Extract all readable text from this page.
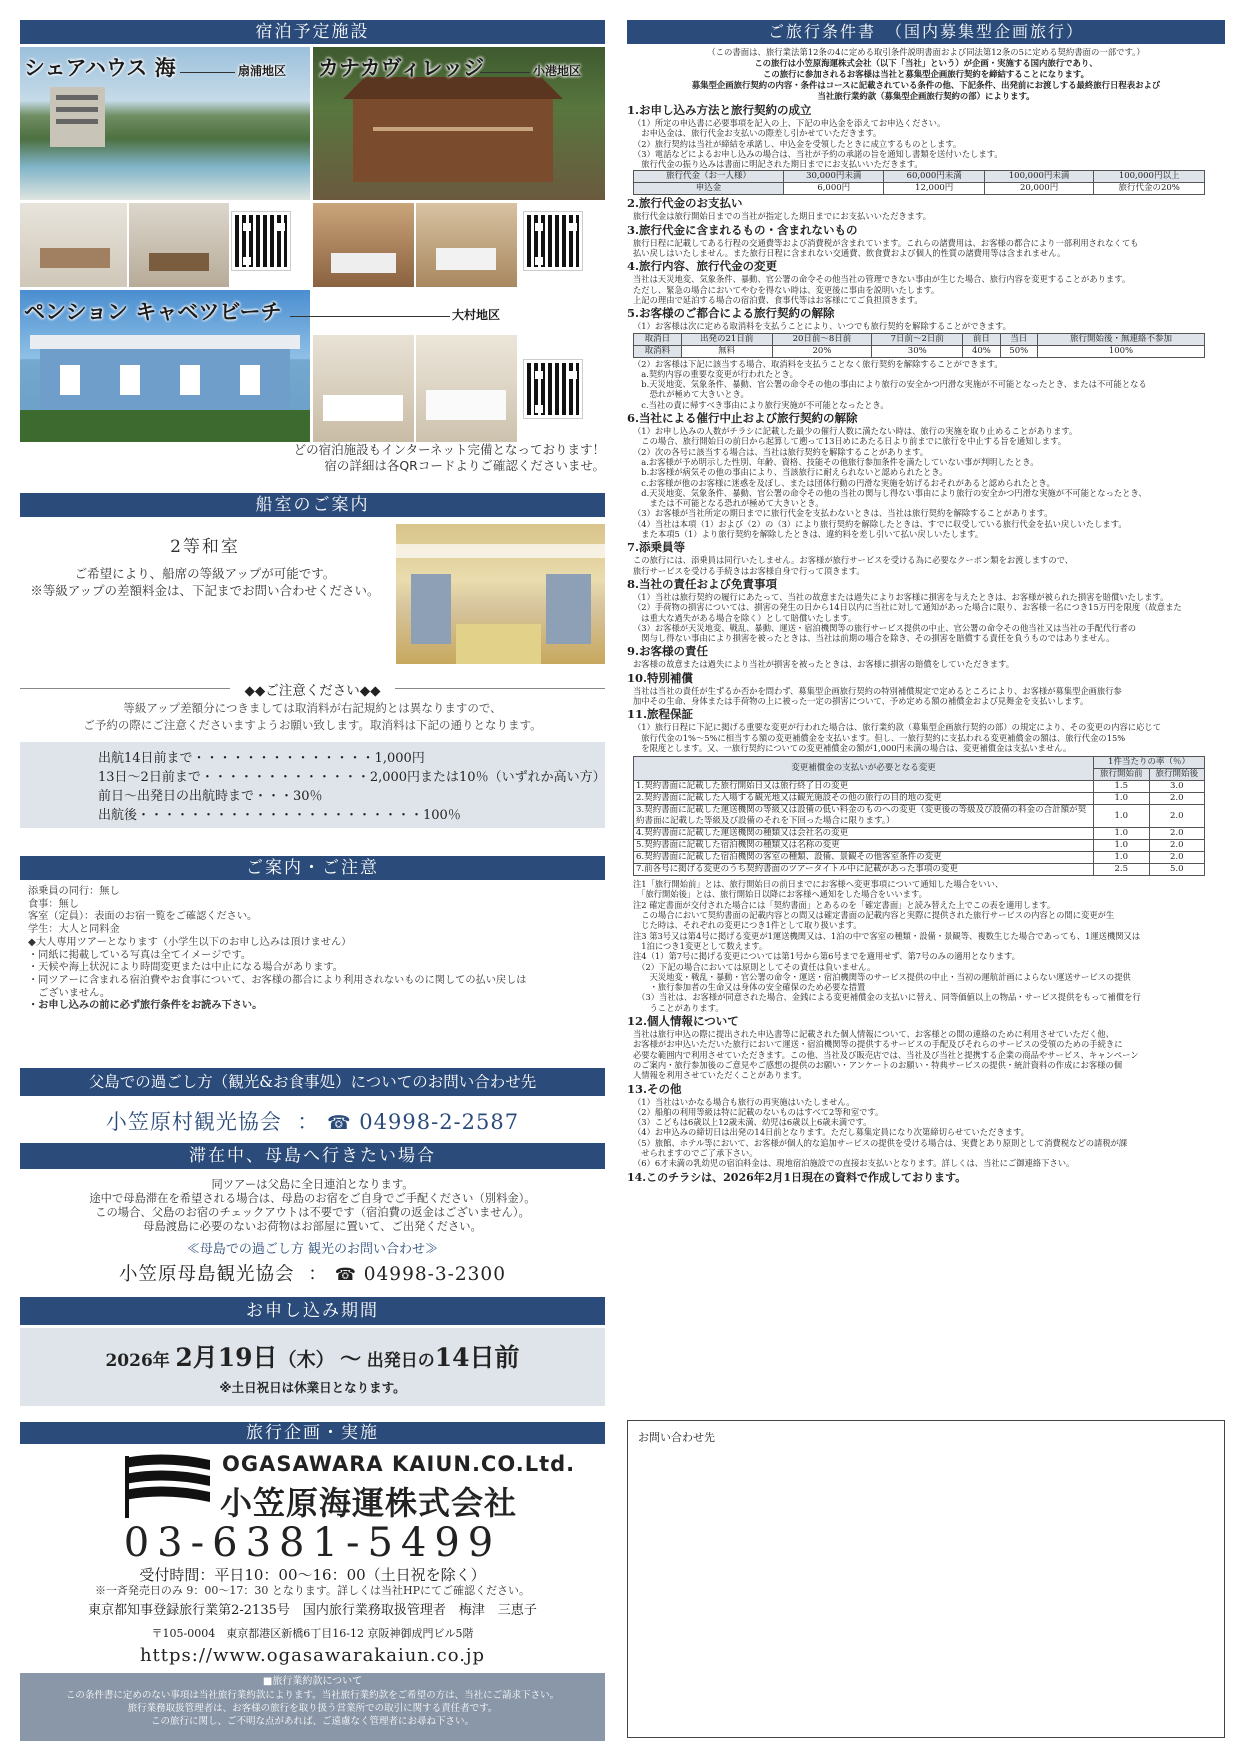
宿泊予定施設
シェアハウス 海	扇浦地区 カナカヴィレッジ	小港地区
ペンション キャベツビーチ	大村地区
どの宿泊施設もインターネット完備となっております！
宿の詳細は各QRコードよりご確認くださいませ。
船室のご案内
2等和室
ご希望により、船席の等級アップが可能です。
※等級アップの差額料金は、下記までお問い合わせください。
◆◆ご注意ください◆◆
等級アップ差額分につきましては取消料が右記規約とは異なりますので、
ご予約の際にご注意くださいますようお願い致します。取消料は下記の通りとなります。
出航14日前まで・・・・・・・・・・・・・・1,000円
13日～2日前まで・・・・・・・・・・・・・2,000円または10％（いずれか高い方）
前日～出発日の出航時まで・・・30％
出航後・・・・・・・・・・・・・・・・・・・・・・100％
ご案内・ご注意
添乗員の同行：無し
食事：無し
客室（定員）：表面のお宿一覧をご確認ください。
学生：大人と同料金
◆大人専用ツアーとなります（小学生以下のお申し込みは頂けません）
・同紙に掲載している写真は全てイメージです。
・天候や海上状況により時間変更または中止になる場合があります。
・同ツアーに含まれる宿泊費やお食事について、お客様の都合により利用されないものに関しての払い戻しは
　ございません。
・お申し込みの前に必ず旅行条件をお読み下さい。
父島での過ごし方（観光&お食事処）についてのお問い合わせ先
小笠原村観光協会  ： ☎ 04998-2-2587
滞在中、母島へ行きたい場合
同ツアーは父島に全日連泊となります。
途中で母島滞在を希望される場合は、母島のお宿をご自身でご手配ください（別料金）。
この場合、父島のお宿のチェックアウトは不要です（宿泊費の返金はございません）。
母島渡島に必要のないお荷物はお部屋に置いて、ご出発ください。
≪母島での過ごし方 観光のお問い合わせ≫
小笠原母島観光協会  ： ☎ 04998-3-2300
お申し込み期間
2026年 2月19日（木） ～ 出発日の14日前
※土日祝日は休業日となります。
旅行企画・実施
OGASAWARA KAIUN.CO.Ltd.
小笠原海運株式会社
03-6381-5499
受付時間：平日10：00～16：00（土日祝を除く）
※一斉発売日のみ 9：00～17：30 となります。詳しくは当社HPにてご確認ください。
東京都知事登録旅行業第2-2135号　国内旅行業務取扱管理者　梅津　三恵子
〒105-0004　東京都港区新橋6丁目16-12 京阪神御成門ビル5階
https://www.ogasawarakaiun.co.jp
■旅行業約款について
この条件書に定めのない事項は当社旅行業約款によります。当社旅行業約款をご希望の方は、当社にご請求下さい。
旅行業務取扱管理者は、お客様の旅行を取り扱う営業所での取引に関する責任者です。
この旅行に関し、ご不明な点があれば、ご遠慮なく管理者にお尋ね下さい。
ご旅行条件書　（国内募集型企画旅行）
（この書面は、旅行業法第12条の4に定める取引条件説明書面および同法第12条の5に定める契約書面の一部です。）
この旅行は小笠原海運株式会社（以下「当社」という）が企画・実施する国内旅行であり、
この旅行に参加されるお客様は当社と募集型企画旅行契約を締結することになります。
募集型企画旅行契約の内容・条件はコースに記載されている条件の他、下記条件、出発前にお渡しする最終旅行日程表および
当社旅行業約款（募集型企画旅行契約の部）によります。
1.お申し込み方法と旅行契約の成立
（1）所定の申込書に必要事項を記入の上、下記の申込金を添えてお申込ください。
　お申込金は、旅行代金お支払いの際差し引かせていただきます。
（2）旅行契約は当社が締結を承諾し、申込金を受領したときに成立するものとします。
（3）電話などによるお申し込みの場合は、当社が予約の承諾の旨を通知し書類を送付いたします。
　旅行代金の振り込みは書面に明記された期日までにお支払いいただきます。
旅行代金（お一人様）	30,000円未満	60,000円未満	100,000円未満	100,000円以上
申込金	6,000円	12,000円	20,000円	旅行代金の20%
2.旅行代金のお支払い
旅行代金は旅行開始日までの当社が指定した期日までにお支払いいただきます。
3.旅行代金に含まれるもの・含まれないもの
旅行日程に記載してある行程の交通費等および消費税が含まれています。これらの諸費用は、お客様の都合により一部利用されなくても
払い戻しはいたしません。また旅行日程に含まれない交通費、飲食費および個人的性質の諸費用等は含まれません。
4.旅行内容、旅行代金の変更
当社は天災地変、気象条件、暴動、官公署の命令その他当社の管理できない事由が生じた場合、旅行内容を変更することがあります。
ただし、緊急の場合においてやむを得ない時は、変更後に事由を説明いたします。
上記の理由で延泊する場合の宿泊費、食事代等はお客様にてご負担頂きます。
5.お客様のご都合による旅行契約の解除
（1）お客様は次に定める取消料を支払うことにより、いつでも旅行契約を解除することができます。
取消日	出発の21日前	20日前～8日前	7日前～2日前	前日	当日	旅行開始後・無連絡不参加
取消料	無料	20%	30%	40%	50%	100%
（2）お客様は下記に該当する場合、取消料を支払うことなく旅行契約を解除することができます。
　a.契約内容の重要な変更が行われたとき。
　b.天災地変、気象条件、暴動、官公署の命令その他の事由により旅行の安全かつ円滑な実施が不可能となったとき、または不可能となる
　　恐れが極めて大きいとき。
　c.当社の責に帰すべき事由により旅行実施が不可能となったとき。
6.当社による催行中止および旅行契約の解除
（1）お申し込みの人数がチラシに記載した最少の催行人数に満たない時は、旅行の実施を取り止めることがあります。
　この場合、旅行開始日の前日から起算して遡って13日めにあたる日より前までに旅行を中止する旨を通知します。
（2）次の各号に該当する場合は、当社は旅行契約を解除することがあります。
　a.お客様が予め明示した性別、年齢、資格、技能その他旅行参加条件を満たしていない事が判明したとき。
　b.お客様が病気その他の事由により、当該旅行に耐えられないと認められたとき。
　c.お客様が他のお客様に迷惑を及ぼし、または団体行動の円滑な実施を妨げるおそれがあると認められたとき。
　d.天災地変、気象条件、暴動、官公署の命令その他の当社の関与し得ない事由により旅行の安全かつ円滑な実施が不可能となったとき、
　　または不可能となる恐れが極めて大きいとき。
（3）お客様が当社所定の期日までに旅行代金を支払わないときは、当社は旅行契約を解除することがあります。
（4）当社は本項（1）および（2）の（3）により旅行契約を解除したときは、すでに収受している旅行代金を払い戻しいたします。
　また本項5（1）より旅行契約を解除したときは、違約料を差し引いて払い戻しいたします。
7.添乗員等
この旅行には、添乗員は同行いたしません。お客様が旅行サービスを受ける為に必要なクーポン類をお渡しますので、
旅行サービスを受ける手続きはお客様自身で行って頂きます。
8.当社の責任および免責事項
（1）当社は旅行契約の履行にあたって、当社の故意または過失によりお客様に損害を与えたときは、お客様が被られた損害を賠償いたします。
（2）手荷物の損害については、損害の発生の日から14日以内に当社に対して通知があった場合に限り、お客様一名につき15万円を限度（故意また
　は重大な過失がある場合を除く）として賠償いたします。
（3）お客様が天災地変、戦乱、暴動、運送・宿泊機関等の旅行サービス提供の中止、官公署の命令その他当社又は当社の手配代行者の
　関与し得ない事由により損害を被ったときは、当社は前期の場合を除き、その損害を賠償する責任を負うものではありません。
9.お客様の責任
お客様の故意または過失により当社が損害を被ったときは、お客様に損害の賠償をしていただきます。
10.特別補償
当社は当社の責任が生ずるか否かを問わず、募集型企画旅行契約の特別補償規定で定めるところにより、お客様が募集型企画旅行参
加中その生命、身体または手荷物の上に被った一定の損害について、予め定める額の補償金および見舞金を支払いします。
11.旅程保証
（1）旅行日程に下記に掲げる重要な変更が行われた場合は、旅行業約款（募集型企画旅行契約の部）の規定により、その変更の内容に応じて
　旅行代金の1%～5%に相当する額の変更補償金を支払います。但し、一旅行契約に支払われる変更補償金の額は、旅行代金の15%
　を限度とします。又、一旅行契約についての変更補償金の額が1,000円未満の場合は、変更補償金は支払いません。
変更補償金の支払いが必要となる変更	1件当たりの率（％）	
	旅行開始前	旅行開始後
1.契約書面に記載した旅行開始日又は旅行終了日の変更	1.5	3.0
2.契約書面に記載した入場する観光地又は観光施設その他の旅行の目的地の変更	1.0	2.0
3.契約書面に記載した運送機関の等級又は設備の低い料金のものへの変更（変更後の等級及び設備の料金の合計額が契約書面に記載した等級及び設備のそれを下回った場合に限ります。）	1.0	2.0
4.契約書面に記載した運送機関の種類又は会社名の変更	1.0	2.0
5.契約書面に記載した宿泊機関の種類又は名称の変更	1.0	2.0
6.契約書面に記載した宿泊機関の客室の種類、設備、景観その他客室条件の変更	1.0	2.0
7.前各号に掲げる変更のうち契約書面のツアータイトル中に記載があった事項の変更	2.5	5.0
注1「旅行開始前」とは、旅行開始日の前日までにお客様へ変更事項について通知した場合をいい、
　「旅行開始後」とは、旅行開始日以降にお客様へ通知をした場合をいいます。
注2 確定書面が交付された場合には「契約書面」とあるのを「確定書面」と読み替えた上でこの表を適用します。
　この場合において契約書面の記載内容との間又は確定書面の記載内容と実際に提供された旅行サービスの内容との間に変更が生
　じた時は、それぞれの変更につき1件として取り扱います。
注3 第3号又は第4号に掲げる変更が1運送機関又は、1泊の中で客室の種類・設備・景観等、複数生じた場合であっても、1運送機関又は
　1泊につき1変更として数えます。
注4（1）第7号に掲げる変更については第1号から第6号までを適用せず、第7号のみの適用となります。
　（2）下記の場合においては原則としてその責任は負いません。
　　天災地変・戦乱・暴動・官公署の命令・運送・宿泊機関等のサービス提供の中止・当初の運航計画によらない運送サービスの提供
　　・旅行参加者の生命又は身体の安全確保のため必要な措置
　（3）当社は、お客様が同意された場合、金銭による変更補償金の支払いに替え、同等価値以上の物品・サービス提供をもって補償を行
　　うことがあります。
12.個人情報について
当社は旅行申込の際に提出された申込書等に記載された個人情報について、お客様との間の連絡のために利用させていただく他、
お客様がお申込いただいた旅行において運送・宿泊機関等の提供するサービスの手配及びそれらのサービスの受領のための手続きに
必要な範囲内で利用させていただきます。この他、当社及び販売店では、当社及び当社と提携する企業の商品やサービス、キャンペーン
のご案内・旅行参加後のご意見やご感想の提供のお願い・アンケートのお願い・特典サービスの提供・統計資料の作成にお客様の個
人情報を利用させていただくことがあります。
13.その他
（1）当社はいかなる場合も旅行の再実施はいたしません。
（2）船舶の利用等級は特に記載のないものはすべて2等和室です。
（3）こどもは6歳以上12歳未満、幼児は6歳以上6歳未満です。
（4）お申込みの締切日は出発の14日前となります。ただし募集定員になり次第締切らせていただきます。
（5）旅館、ホテル等において、お客様が個人的な追加サービスの提供を受ける場合は、実費とあり原則として消費税などの請税が課
　せられますのでご了承下さい。
（6）6才未満の乳幼児の宿泊料金は、現地宿泊施設での直接お支払いとなります。詳しくは、当社にご御連絡下さい。
14.このチラシは、2026年2月1日現在の資料で作成しております。
お問い合わせ先
